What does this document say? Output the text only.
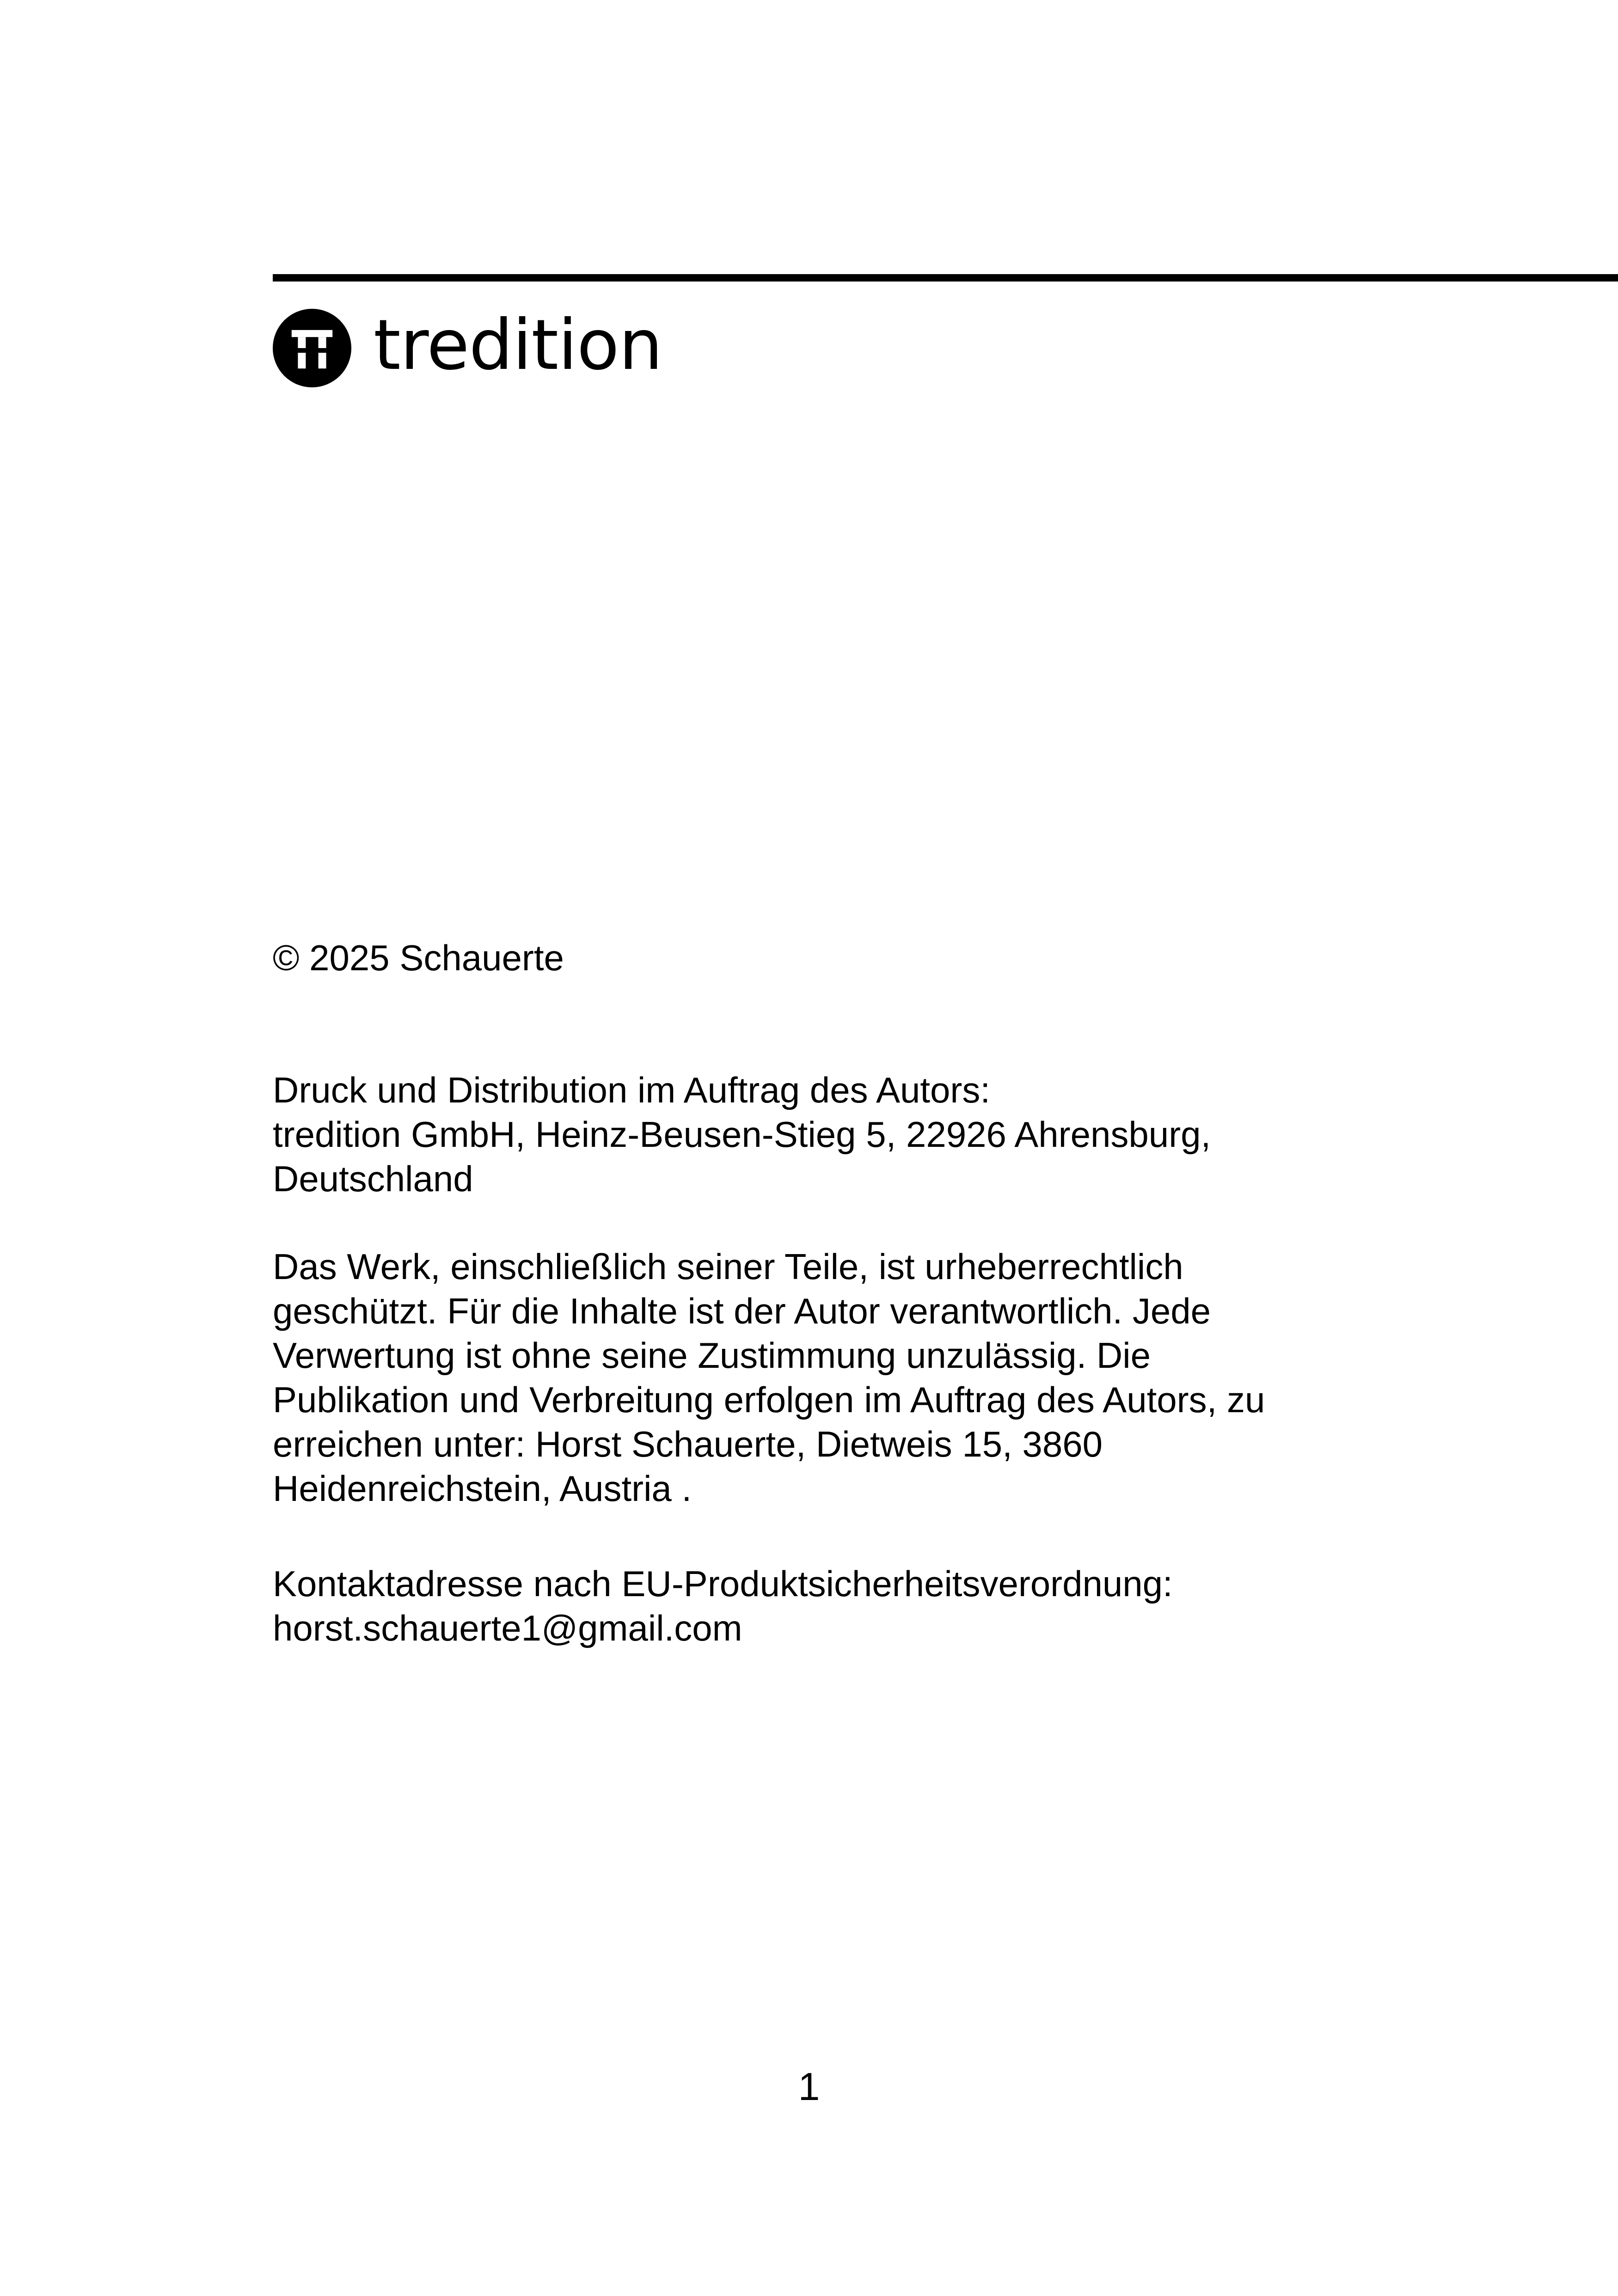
tredition
© 2025 Schauerte
Druck und Distribution im Auftrag des Autors:
tredition GmbH, Heinz-Beusen-Stieg 5, 22926 Ahrensburg,
Deutschland
Das Werk, einschließlich seiner Teile, ist urheberrechtlich
geschützt. Für die Inhalte ist der Autor verantwortlich. Jede
Verwertung ist ohne seine Zustimmung unzulässig. Die
Publikation und Verbreitung erfolgen im Auftrag des Autors, zu
erreichen unter: Horst Schauerte, Dietweis 15, 3860
Heidenreichstein, Austria .
Kontaktadresse nach EU-Produktsicherheitsverordnung:
horst.schauerte1@gmail.com
1
